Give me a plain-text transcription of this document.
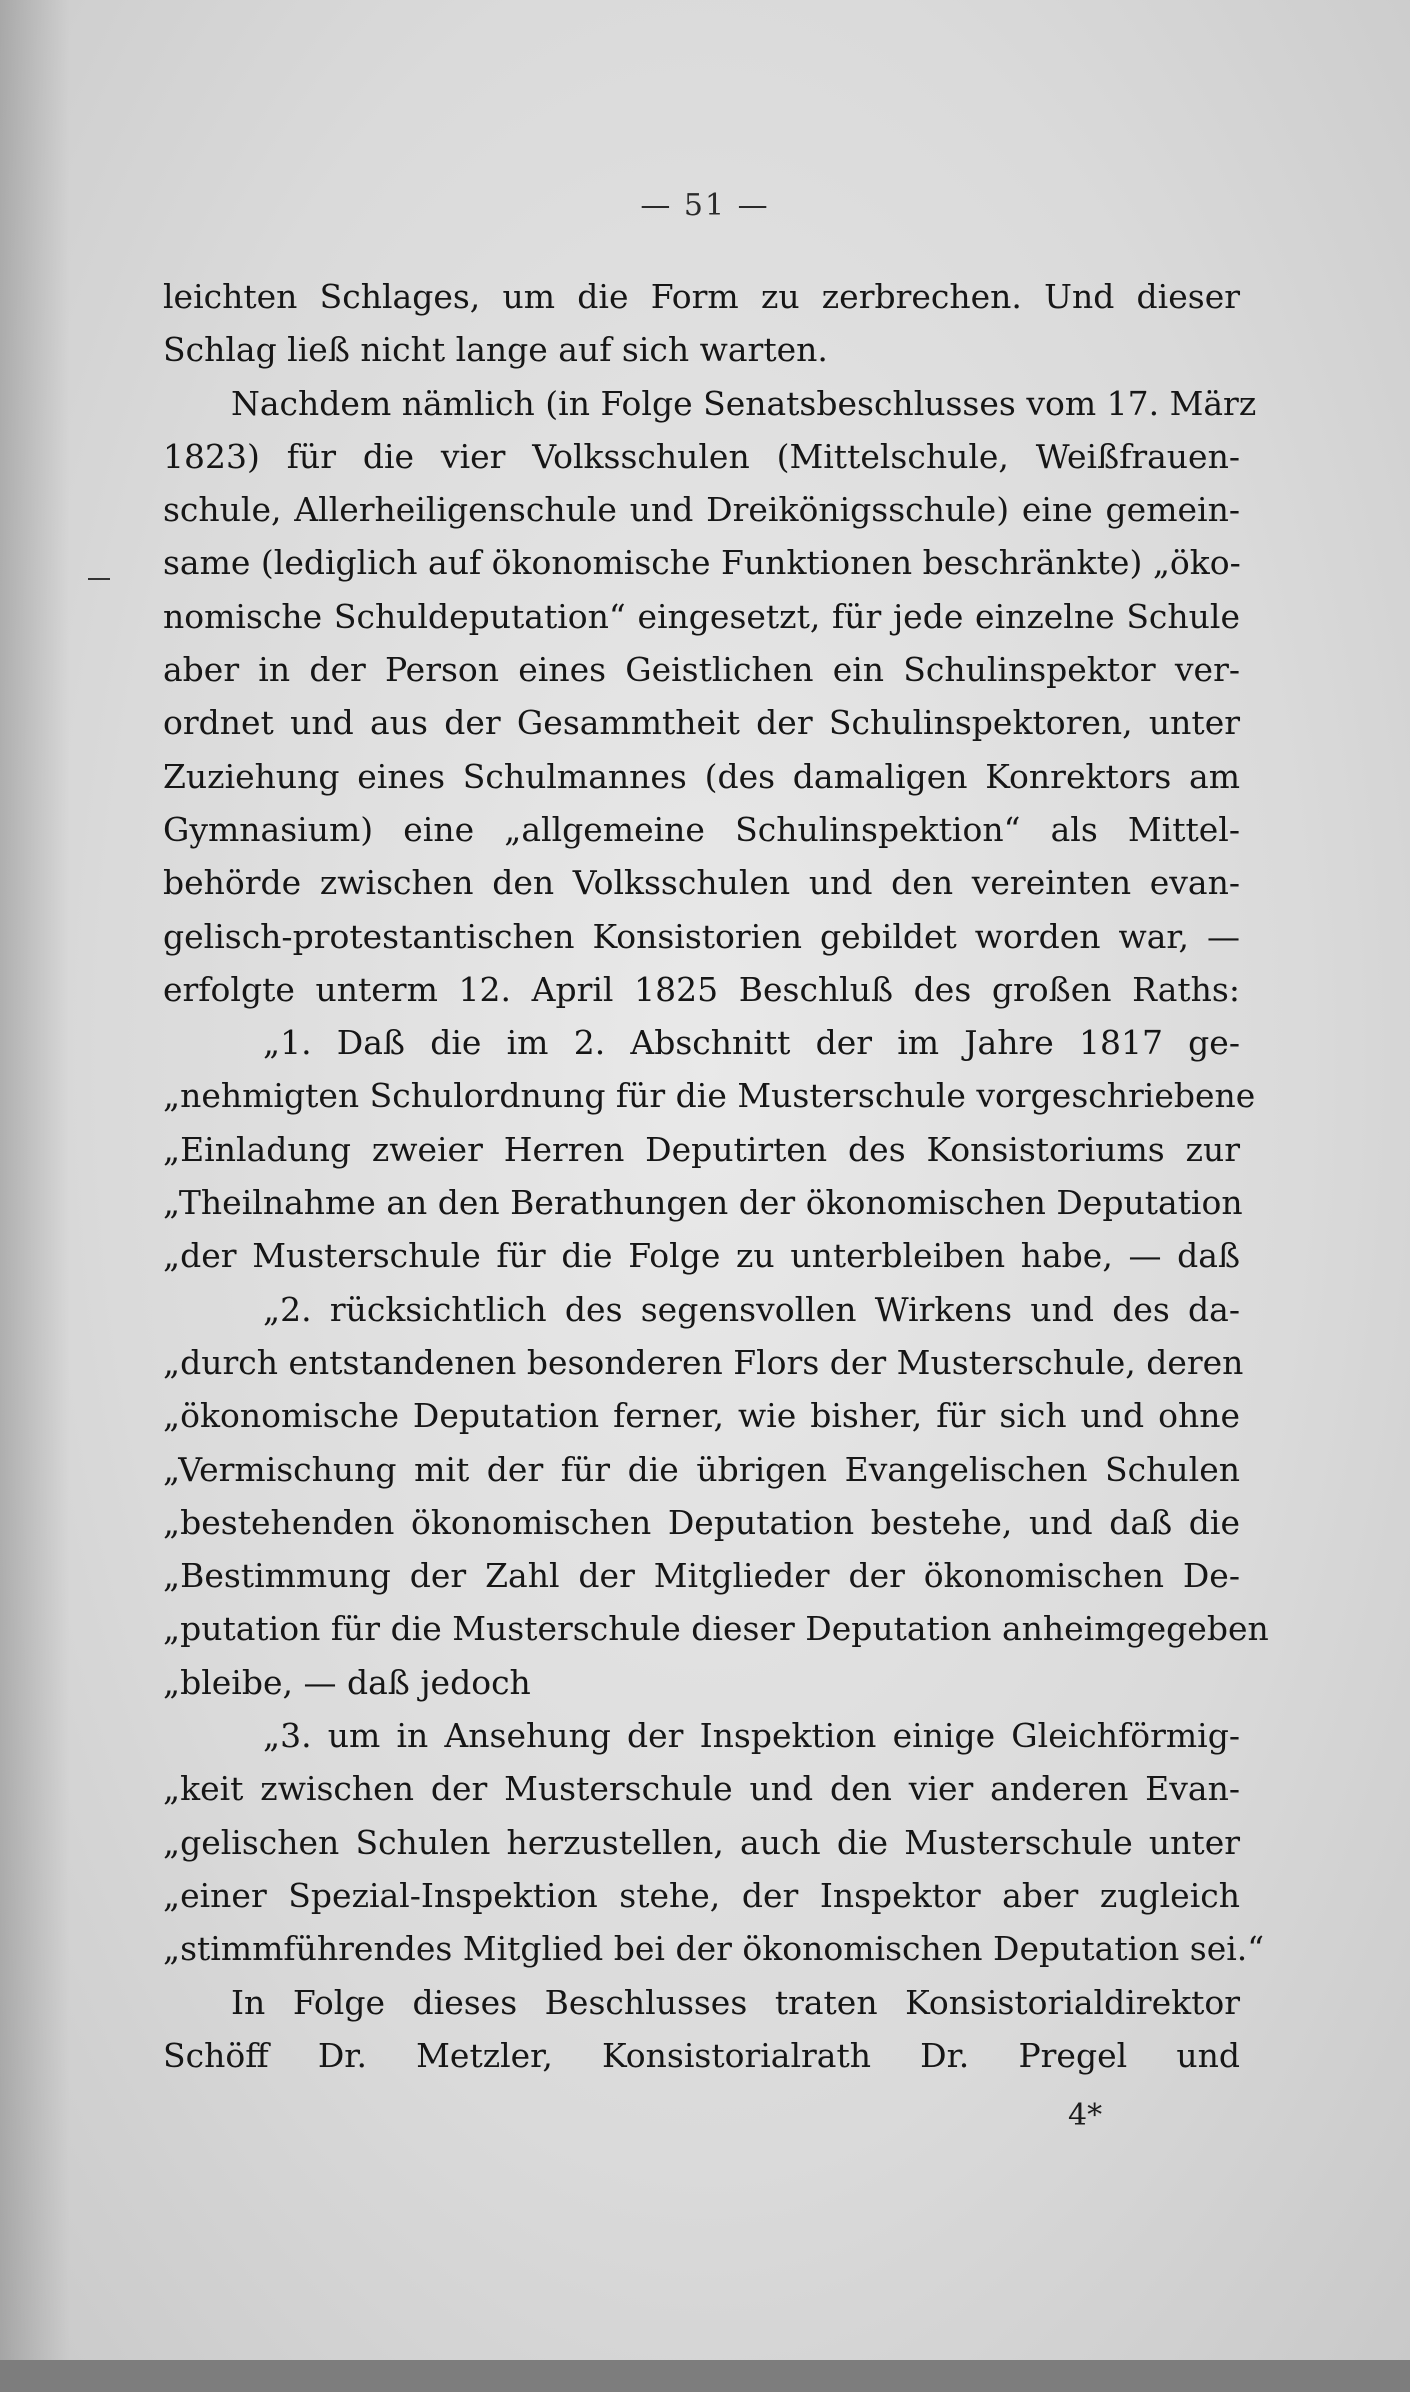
— 51 —
leichten Schlages, um die Form zu zerbrechen. Und dieser
Schlag ließ nicht lange auf sich warten.
Nachdem nämlich (in Folge Senatsbeschlusses vom 17. März
1823) für die vier Volksschulen (Mittelschule, Weißfrauen-
schule, Allerheiligenschule und Dreikönigsschule) eine gemein-
same (lediglich auf ökonomische Funktionen beschränkte) „öko-
nomische Schuldeputation“ eingesetzt, für jede einzelne Schule
aber in der Person eines Geistlichen ein Schulinspektor ver-
ordnet und aus der Gesammtheit der Schulinspektoren, unter
Zuziehung eines Schulmannes (des damaligen Konrektors am
Gymnasium) eine „allgemeine Schulinspektion“ als Mittel-
behörde zwischen den Volksschulen und den vereinten evan-
gelisch-protestantischen Konsistorien gebildet worden war, —
erfolgte unterm 12. April 1825 Beschluß des großen Raths:
„1. Daß die im 2. Abschnitt der im Jahre 1817 ge-
„nehmigten Schulordnung für die Musterschule vorgeschriebene
„Einladung zweier Herren Deputirten des Konsistoriums zur
„Theilnahme an den Berathungen der ökonomischen Deputation
„der Musterschule für die Folge zu unterbleiben habe, — daß
„2. rücksichtlich des segensvollen Wirkens und des da-
„durch entstandenen besonderen Flors der Musterschule, deren
„ökonomische Deputation ferner, wie bisher, für sich und ohne
„Vermischung mit der für die übrigen Evangelischen Schulen
„bestehenden ökonomischen Deputation bestehe, und daß die
„Bestimmung der Zahl der Mitglieder der ökonomischen De-
„putation für die Musterschule dieser Deputation anheimgegeben
„bleibe, — daß jedoch
„3. um in Ansehung der Inspektion einige Gleichförmig-
„keit zwischen der Musterschule und den vier anderen Evan-
„gelischen Schulen herzustellen, auch die Musterschule unter
„einer Spezial-Inspektion stehe, der Inspektor aber zugleich
„stimmführendes Mitglied bei der ökonomischen Deputation sei.“
In Folge dieses Beschlusses traten Konsistorialdirektor
Schöff Dr. Metzler, Konsistorialrath Dr. Pregel und
4*
